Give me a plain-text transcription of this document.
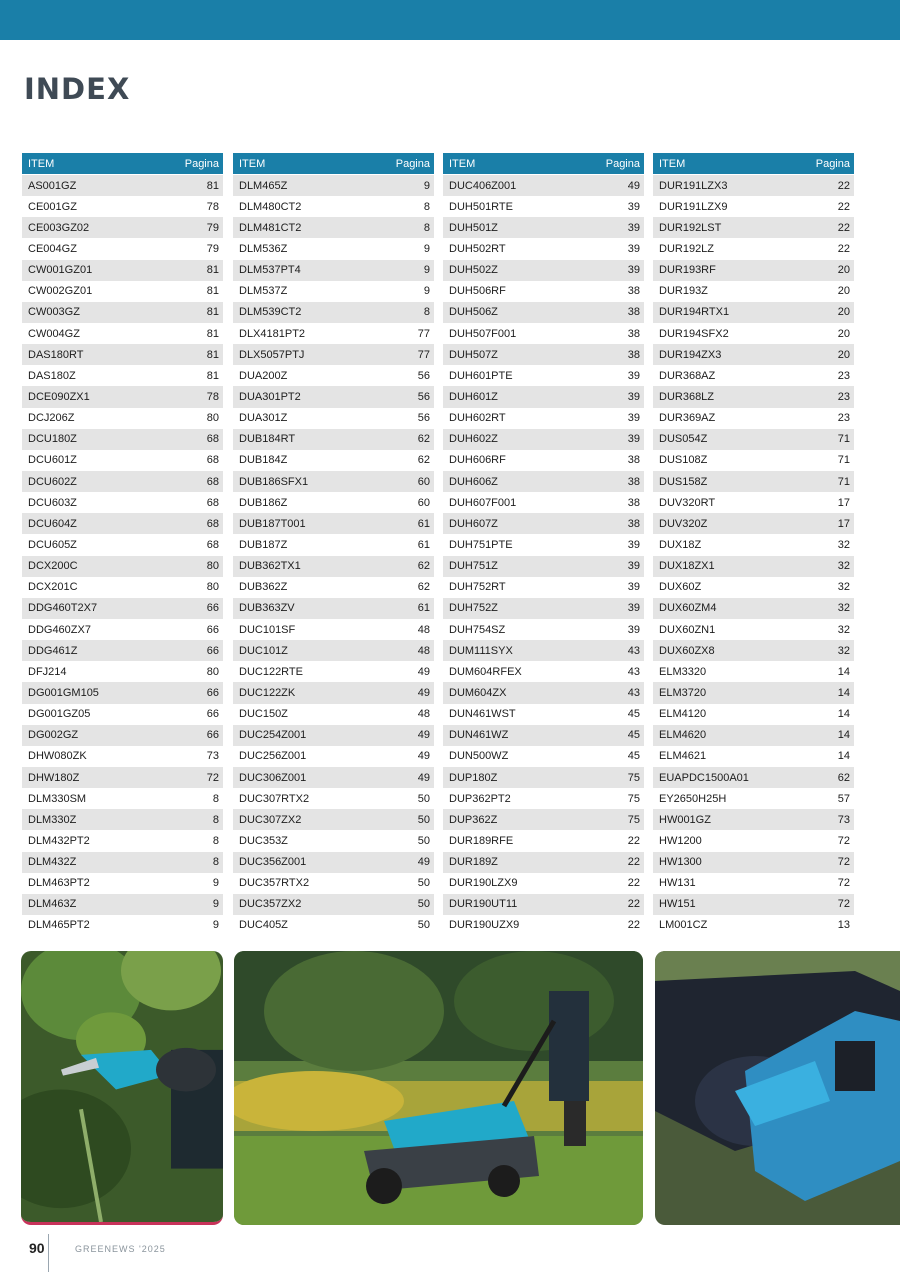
INDEX
ITEM	Pagina
AS001GZ	81
CE001GZ	78
CE003GZ02	79
CE004GZ	79
CW001GZ01	81
CW002GZ01	81
CW003GZ	81
CW004GZ	81
DAS180RT	81
DAS180Z	81
DCE090ZX1	78
DCJ206Z	80
DCU180Z	68
DCU601Z	68
DCU602Z	68
DCU603Z	68
DCU604Z	68
DCU605Z	68
DCX200C	80
DCX201C	80
DDG460T2X7	66
DDG460ZX7	66
DDG461Z	66
DFJ214	80
DG001GM105	66
DG001GZ05	66
DG002GZ	66
DHW080ZK	73
DHW180Z	72
DLM330SM	8
DLM330Z	8
DLM432PT2	8
DLM432Z	8
DLM463PT2	9
DLM463Z	9
DLM465PT2	9
ITEM	Pagina
DLM465Z	9
DLM480CT2	8
DLM481CT2	8
DLM536Z	9
DLM537PT4	9
DLM537Z	9
DLM539CT2	8
DLX4181PT2	77
DLX5057PTJ	77
DUA200Z	56
DUA301PT2	56
DUA301Z	56
DUB184RT	62
DUB184Z	62
DUB186SFX1	60
DUB186Z	60
DUB187T001	61
DUB187Z	61
DUB362TX1	62
DUB362Z	62
DUB363ZV	61
DUC101SF	48
DUC101Z	48
DUC122RTE	49
DUC122ZK	49
DUC150Z	48
DUC254Z001	49
DUC256Z001	49
DUC306Z001	49
DUC307RTX2	50
DUC307ZX2	50
DUC353Z	50
DUC356Z001	49
DUC357RTX2	50
DUC357ZX2	50
DUC405Z	50
ITEM	Pagina
DUC406Z001	49
DUH501RTE	39
DUH501Z	39
DUH502RT	39
DUH502Z	39
DUH506RF	38
DUH506Z	38
DUH507F001	38
DUH507Z	38
DUH601PTE	39
DUH601Z	39
DUH602RT	39
DUH602Z	39
DUH606RF	38
DUH606Z	38
DUH607F001	38
DUH607Z	38
DUH751PTE	39
DUH751Z	39
DUH752RT	39
DUH752Z	39
DUH754SZ	39
DUM111SYX	43
DUM604RFEX	43
DUM604ZX	43
DUN461WST	45
DUN461WZ	45
DUN500WZ	45
DUP180Z	75
DUP362PT2	75
DUP362Z	75
DUR189RFE	22
DUR189Z	22
DUR190LZX9	22
DUR190UT11	22
DUR190UZX9	22
ITEM	Pagina
DUR191LZX3	22
DUR191LZX9	22
DUR192LST	22
DUR192LZ	22
DUR193RF	20
DUR193Z	20
DUR194RTX1	20
DUR194SFX2	20
DUR194ZX3	20
DUR368AZ	23
DUR368LZ	23
DUR369AZ	23
DUS054Z	71
DUS108Z	71
DUS158Z	71
DUV320RT	17
DUV320Z	17
DUX18Z	32
DUX18ZX1	32
DUX60Z	32
DUX60ZM4	32
DUX60ZN1	32
DUX60ZX8	32
ELM3320	14
ELM3720	14
ELM4120	14
ELM4620	14
ELM4621	14
EUAPDC1500A01	62
EY2650H25H	57
HW001GZ	73
HW1200	72
HW1300	72
HW131	72
HW151	72
LM001CZ	13
90	GREENEWS '2025
